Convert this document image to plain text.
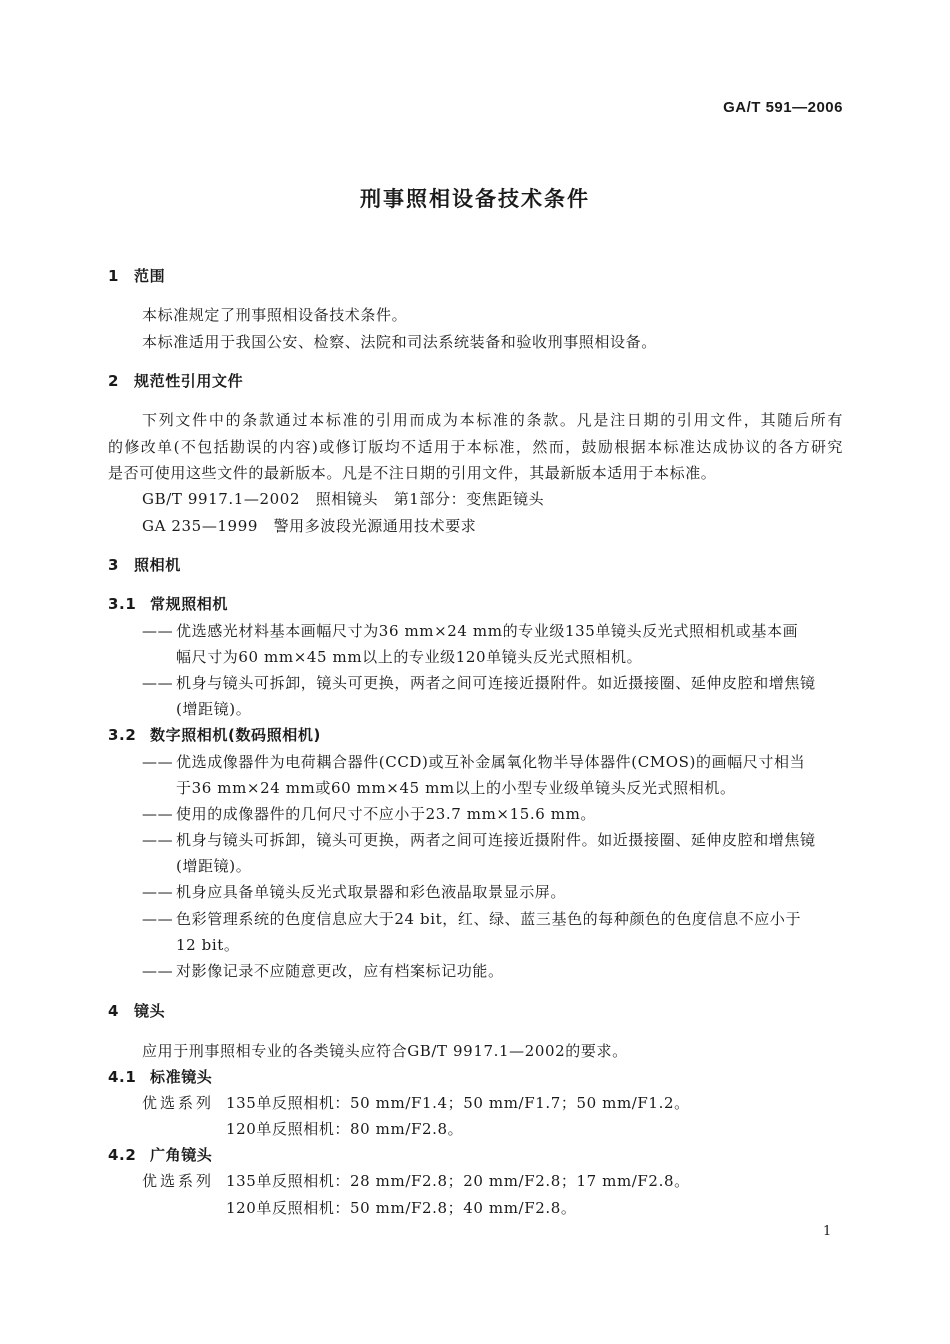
GA/T 591—2006
刑事照相设备技术条件
1 范围
本标准规定了刑事照相设备技术条件。
本标准适用于我国公安、检察、法院和司法系统装备和验收刑事照相设备。
2 规范性引用文件
下列文件中的条款通过本标准的引用而成为本标准的条款。凡是注日期的引用文件，其随后所有
的修改单(不包括勘误的内容)或修订版均不适用于本标准，然而，鼓励根据本标准达成协议的各方研究
是否可使用这些文件的最新版本。凡是不注日期的引用文件，其最新版本适用于本标准。
GB/T 9917.1—2002　照相镜头　第1部分：变焦距镜头
GA 235—1999　警用多波段光源通用技术要求
3 照相机
3.1 常规照相机
—— 优选感光材料基本画幅尺寸为36 mm×24 mm的专业级135单镜头反光式照相机或基本画
幅尺寸为60 mm×45 mm以上的专业级120单镜头反光式照相机。
—— 机身与镜头可拆卸，镜头可更换，两者之间可连接近摄附件。如近摄接圈、延伸皮腔和增焦镜
(增距镜)。
3.2 数字照相机(数码照相机)
—— 优选成像器件为电荷耦合器件(CCD)或互补金属氧化物半导体器件(CMOS)的画幅尺寸相当
于36 mm×24 mm或60 mm×45 mm以上的小型专业级单镜头反光式照相机。
—— 使用的成像器件的几何尺寸不应小于23.7 mm×15.6 mm。
—— 机身与镜头可拆卸，镜头可更换，两者之间可连接近摄附件。如近摄接圈、延伸皮腔和增焦镜
(增距镜)。
—— 机身应具备单镜头反光式取景器和彩色液晶取景显示屏。
—— 色彩管理系统的色度信息应大于24 bit，红、绿、蓝三基色的每种颜色的色度信息不应小于
12 bit。
—— 对影像记录不应随意更改，应有档案标记功能。
4 镜头
应用于刑事照相专业的各类镜头应符合GB/T 9917.1—2002的要求。
4.1 标准镜头
优选系列 135单反照相机：50 mm/F1.4；50 mm/F1.7；50 mm/F1.2。
120单反照相机：80 mm/F2.8。
4.2 广角镜头
优选系列 135单反照相机：28 mm/F2.8；20 mm/F2.8；17 mm/F2.8。
120单反照相机：50 mm/F2.8；40 mm/F2.8。
1
